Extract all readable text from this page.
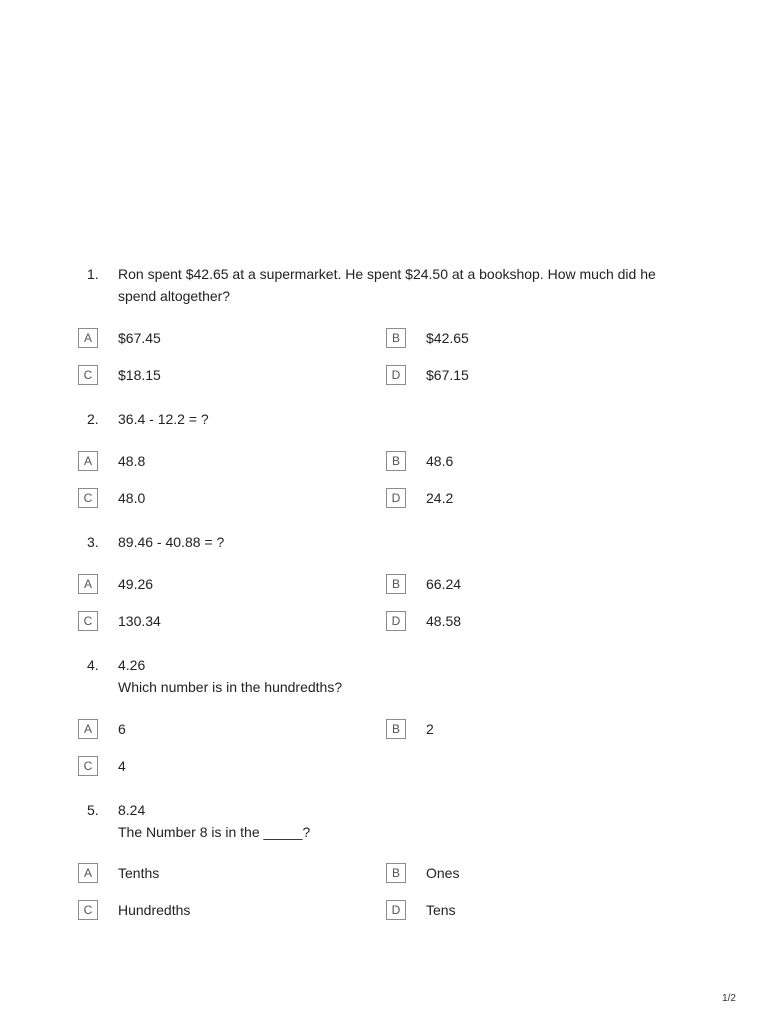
1. Ron spent $42.65 at a supermarket. He spent $24.50 at a bookshop. How much did he
spend altogether?
A	$67.45	B	$42.65
C	$18.15	D	$67.15
2. 36.4 - 12.2 = ?
A	48.8	B	48.6
C	48.0	D	24.2
3. 89.46 - 40.88 = ?
A	49.26	B	66.24
C	130.34	D	48.58
4. 4.26
Which number is in the hundredths?
A	6	B	2
C	4
5. 8.24
The Number 8 is in the _____?
A	Tenths	B	Ones
C	Hundredths	D	Tens
1/2
